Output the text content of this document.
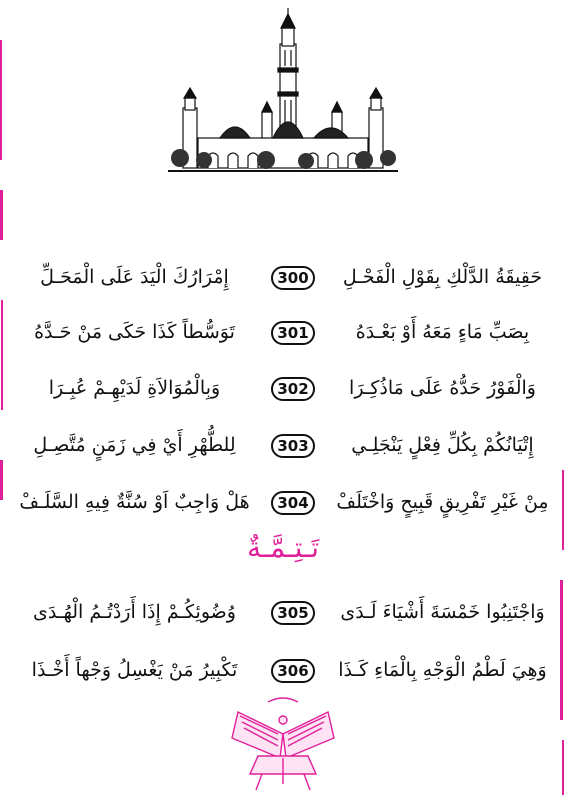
حَقِيقَةُ الدَّلْكِ بِقَوْلِ الْفَحْـلِ
300
إِمْرَارُكَ الْيَدَ عَلَى الْمَحَـلِّ
بِصَبِّ مَاءٍ مَعَهُ أَوْ بَعْـدَهُ
301
تَوَسُّطاً كَذَا حَكَى مَنْ حَـدَّهُ
وَالْفَوْرُ حَدُّهُ عَلَى مَاذُكِـرَا
302
وَبِالْمُوَالاَةِ لَدَيْهِـمْ عُبِـرَا
إِتْيَانُكُمْ بِكُلِّ فِعْلٍ يَنْجَلِـي
303
لِلطُّهْرِ أَيْ فِي زَمَنٍ مُتَّصِـلِ
مِنْ غَيْرِ تَفْرِيقٍ قَبِيحٍ وَاخْتَلَفْ
304
هَلْ وَاجِبٌ اَوْ سُنَّةٌ فِيهِ السَّلَـفْ
تَـتِـمَّـةٌ
وَاجْتَنِبُوا خَمْسَةَ أَشْيَاءَ لَـدَى
305
وُضُوئِكُـمْ إِذَا أَرَدْتُـمُ الْهُـدَى
وَهِيَ لَطْمُ الْوَجْهِ بِالْمَاءِ كَـذَا
306
تَكْبِيرُ مَنْ يَغْسِلُ وَجْهاً أَخْـذَا
